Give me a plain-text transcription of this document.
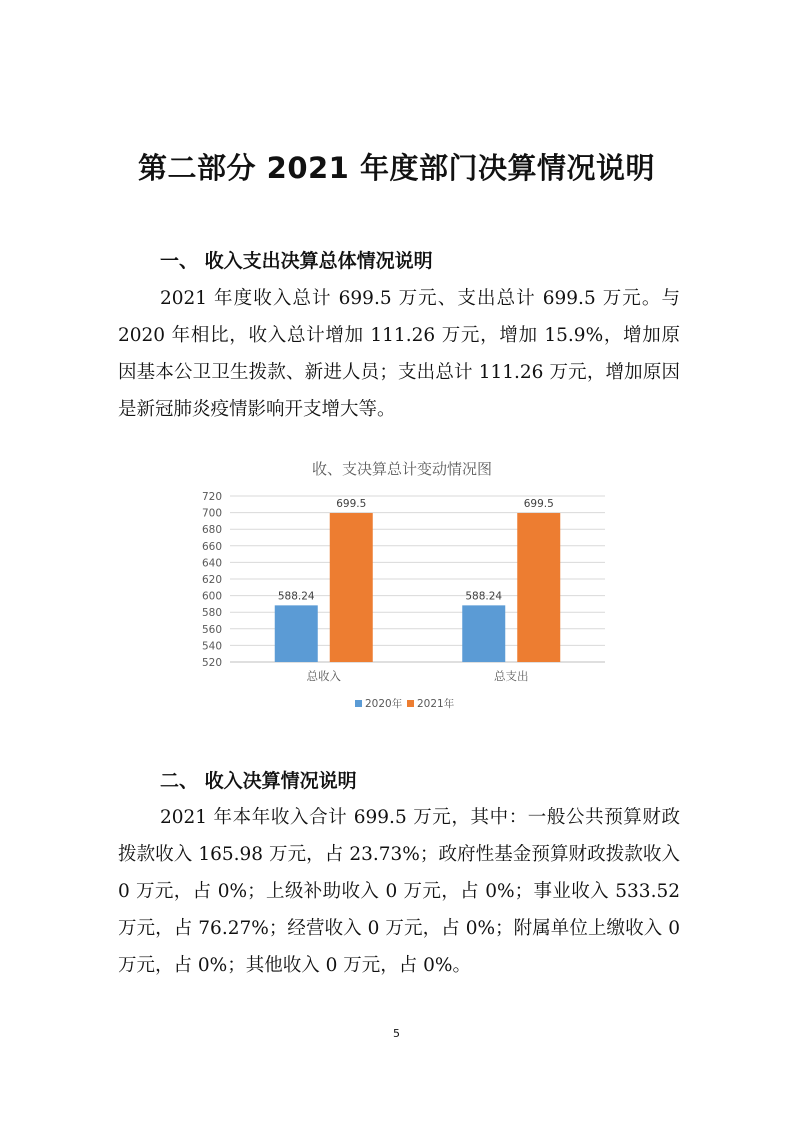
第二部分 2021 年度部门决算情况说明
一、 收入支出决算总体情况说明

2021 年度收入总计 699.5 万元、支出总计 699.5 万元。与 2020 年相比，收入总计增加 111.26 万元，增加 15.9%，增加原因基本公卫卫生拨款、新进人员；支出总计 111.26 万元，增加原因是新冠肺炎疫情影响开支增大等。

收、支决算总计变动情况图
720
700
680
660
640
620
600
580
560
540
520
588.24
699.5
588.24
699.5
总收入	总支出
2020年 2021年
二、 收入决算情况说明

2021 年本年收入合计 699.5 万元，其中：一般公共预算财政拨款收入 165.98 万元，占 23.73%；政府性基金预算财政拨款收入 0 万元，占 0%；上级补助收入 0 万元，占 0%；事业收入 533.52 万元，占 76.27%；经营收入 0 万元，占 0%；附属单位上缴收入 0 万元，占 0%；其他收入 0 万元，占 0%。

5
